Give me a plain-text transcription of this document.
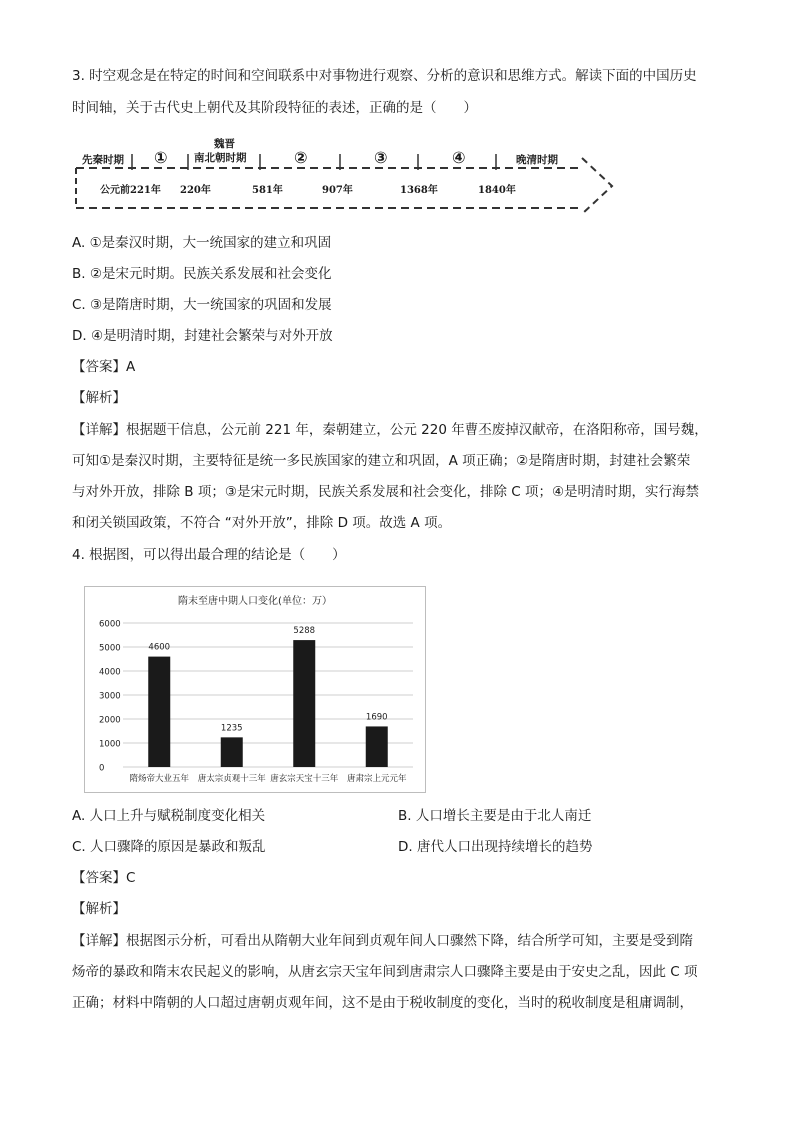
3. 时空观念是在特定的时间和空间联系中对事物进行观察、分析的意识和思维方式。解读下面的中国历史
时间轴，关于古代史上朝代及其阶段特征的表述，正确的是（　　）
先秦时期 ①
魏晋
南北朝时期	②	③	④	晚清时期
公元前221年 220年	581年	907年	1368年	1840年
A. ①是秦汉时期，大一统国家的建立和巩固
B. ②是宋元时期。民族关系发展和社会变化
C. ③是隋唐时期，大一统国家的巩固和发展
D. ④是明清时期，封建社会繁荣与对外开放
【答案】A
【解析】
【详解】根据题干信息，公元前 221 年，秦朝建立，公元 220 年曹丕废掉汉献帝，在洛阳称帝，国号魏，
可知①是秦汉时期，主要特征是统一多民族国家的建立和巩固，A 项正确；②是隋唐时期，封建社会繁荣
与对外开放，排除 B 项；③是宋元时期，民族关系发展和社会变化，排除 C 项；④是明清时期，实行海禁
和闭关锁国政策，不符合 “对外开放”，排除 D 项。故选 A 项。
4. 根据图，可以得出最合理的结论是（　　）
隋末至唐中期人口变化(单位：万）
0
1000
2000
3000
4000
5000
6000
4600
隋炀帝大业五年
1235
唐太宗贞观十三年
5288
唐玄宗天宝十三年
1690
唐肃宗上元元年
A. 人口上升与赋税制度变化相关	B. 人口增长主要是由于北人南迁
C. 人口骤降的原因是暴政和叛乱	D. 唐代人口出现持续增长的趋势
【答案】C
【解析】
【详解】根据图示分析，可看出从隋朝大业年间到贞观年间人口骤然下降，结合所学可知，主要是受到隋
炀帝的暴政和隋末农民起义的影响，从唐玄宗天宝年间到唐肃宗人口骤降主要是由于安史之乱，因此 C 项
正确；材料中隋朝的人口超过唐朝贞观年间，这不是由于税收制度的变化，当时的税收制度是租庸调制，
